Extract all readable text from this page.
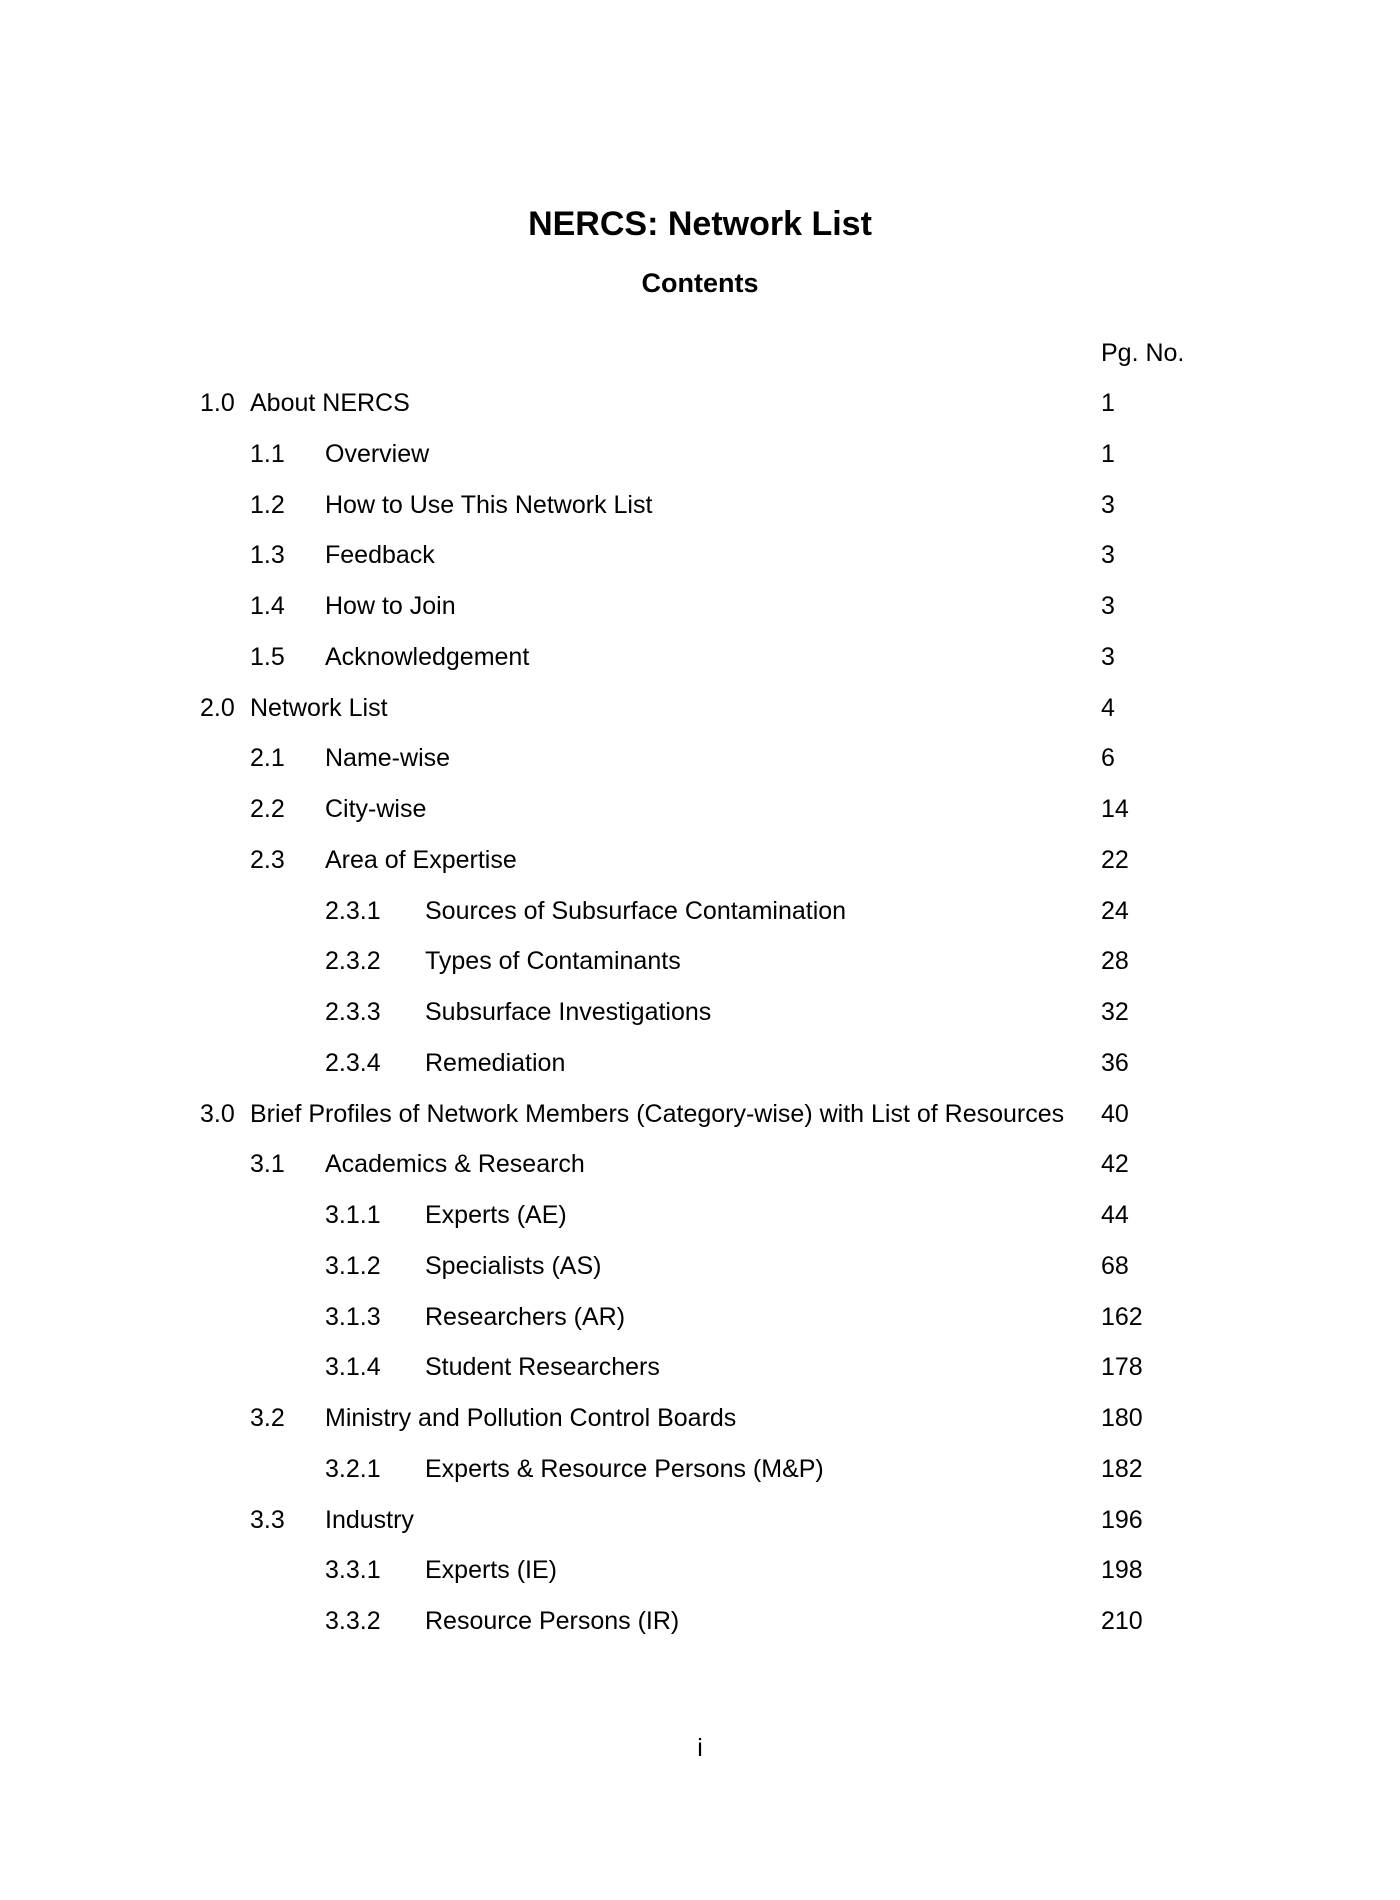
NERCS: Network List
Contents
Pg. No.
1.0 About NERCS	1
1.1 Overview	1
1.2 How to Use This Network List	3
1.3 Feedback	3
1.4 How to Join	3
1.5 Acknowledgement	3
2.0 Network List	4
2.1 Name-wise	6
2.2 City-wise	14
2.3 Area of Expertise	22
2.3.1 Sources of Subsurface Contamination	24
2.3.2 Types of Contaminants	28
2.3.3 Subsurface Investigations	32
2.3.4 Remediation	36
3.0 Brief Profiles of Network Members (Category-wise) with List of Resources 40
3.1 Academics & Research	42
3.1.1 Experts (AE)	44
3.1.2 Specialists (AS)	68
3.1.3 Researchers (AR)	162
3.1.4 Student Researchers	178
3.2 Ministry and Pollution Control Boards	180
3.2.1 Experts & Resource Persons (M&P)	182
3.3 Industry	196
3.3.1 Experts (IE)	198
3.3.2 Resource Persons (IR)	210
i
